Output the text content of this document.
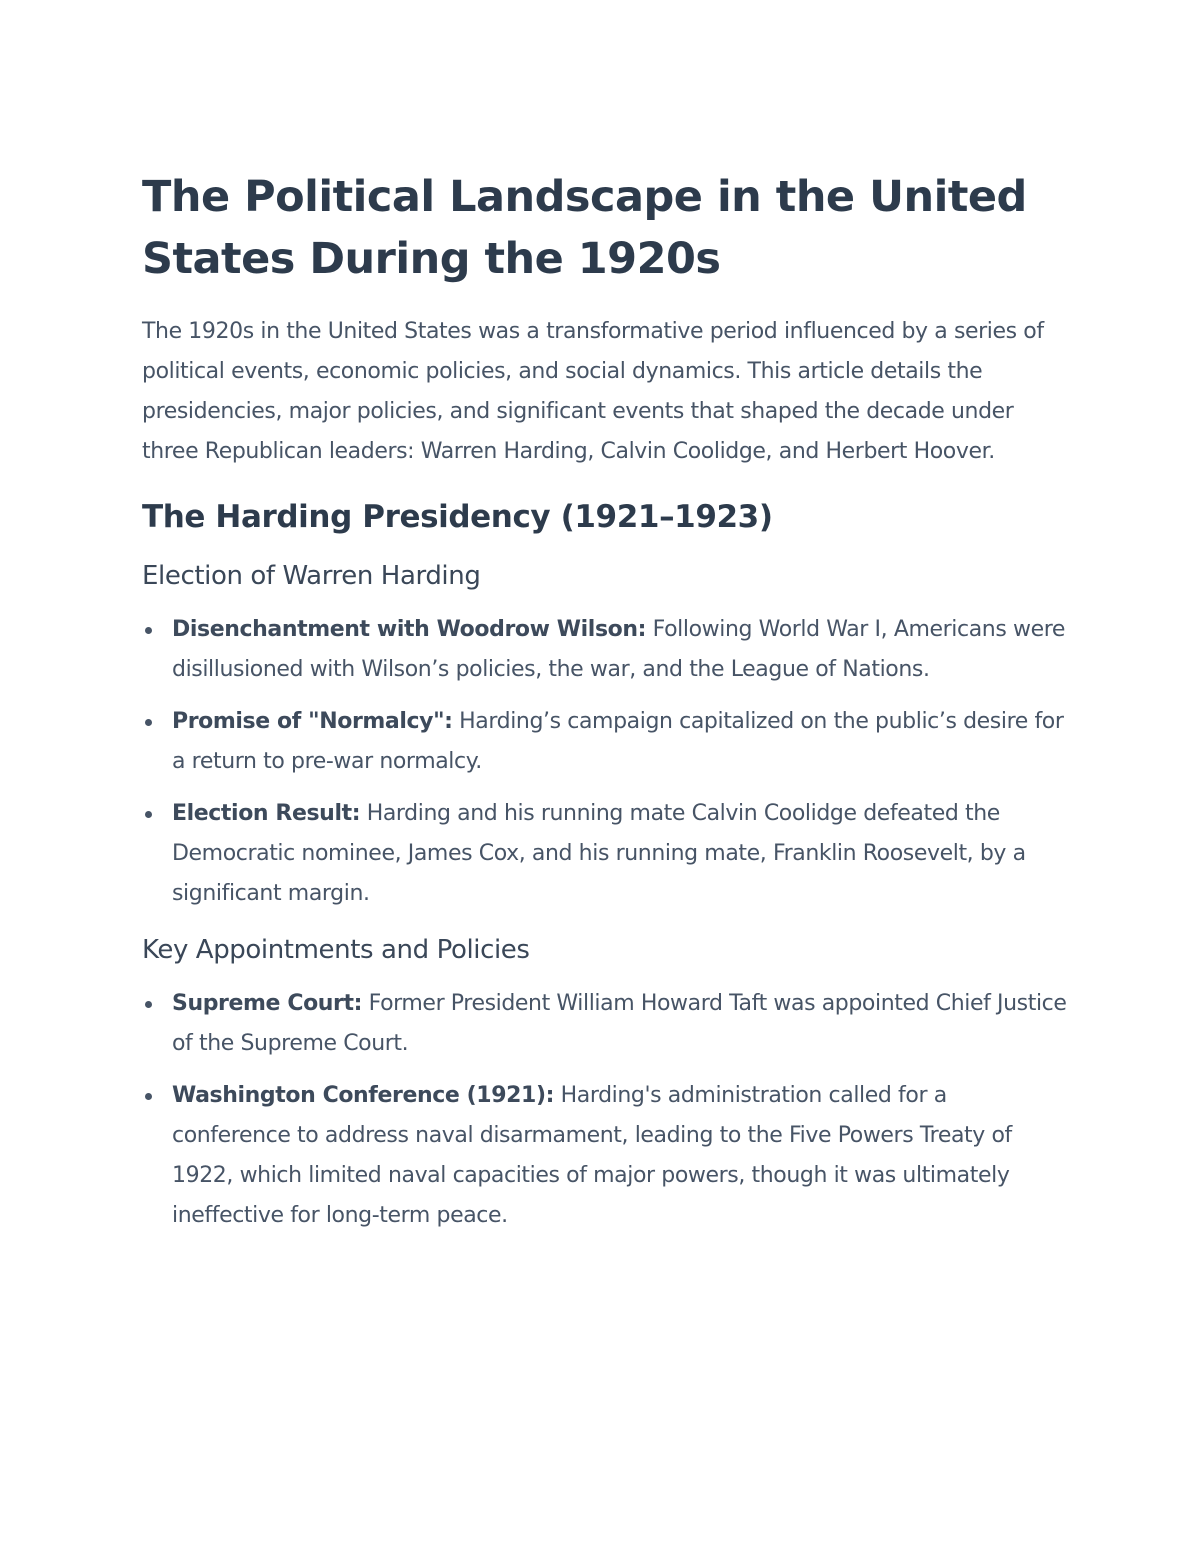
The Political Landscape in the United States During the 1920s

The 1920s in the United States was a transformative period influenced by a series of political events, economic policies, and social dynamics. This article details the presidencies, major policies, and significant events that shaped the decade under three Republican leaders: Warren Harding, Calvin Coolidge, and Herbert Hoover.

The Harding Presidency (1921–1923)
Election of Warren Harding
Disenchantment with Woodrow Wilson: Following World War I, Americans were disillusioned with Wilson’s policies, the war, and the League of Nations.
Promise of "Normalcy": Harding’s campaign capitalized on the public’s desire for a return to pre-war normalcy.
Election Result: Harding and his running mate Calvin Coolidge defeated the Democratic nominee, James Cox, and his running mate, Franklin Roosevelt, by a significant margin.
Key Appointments and Policies
Supreme Court: Former President William Howard Taft was appointed Chief Justice of the Supreme Court.
Washington Conference (1921): Harding's administration called for a conference to address naval disarmament, leading to the Five Powers Treaty of 1922, which limited naval capacities of major powers, though it was ultimately ineffective for long-term peace.
